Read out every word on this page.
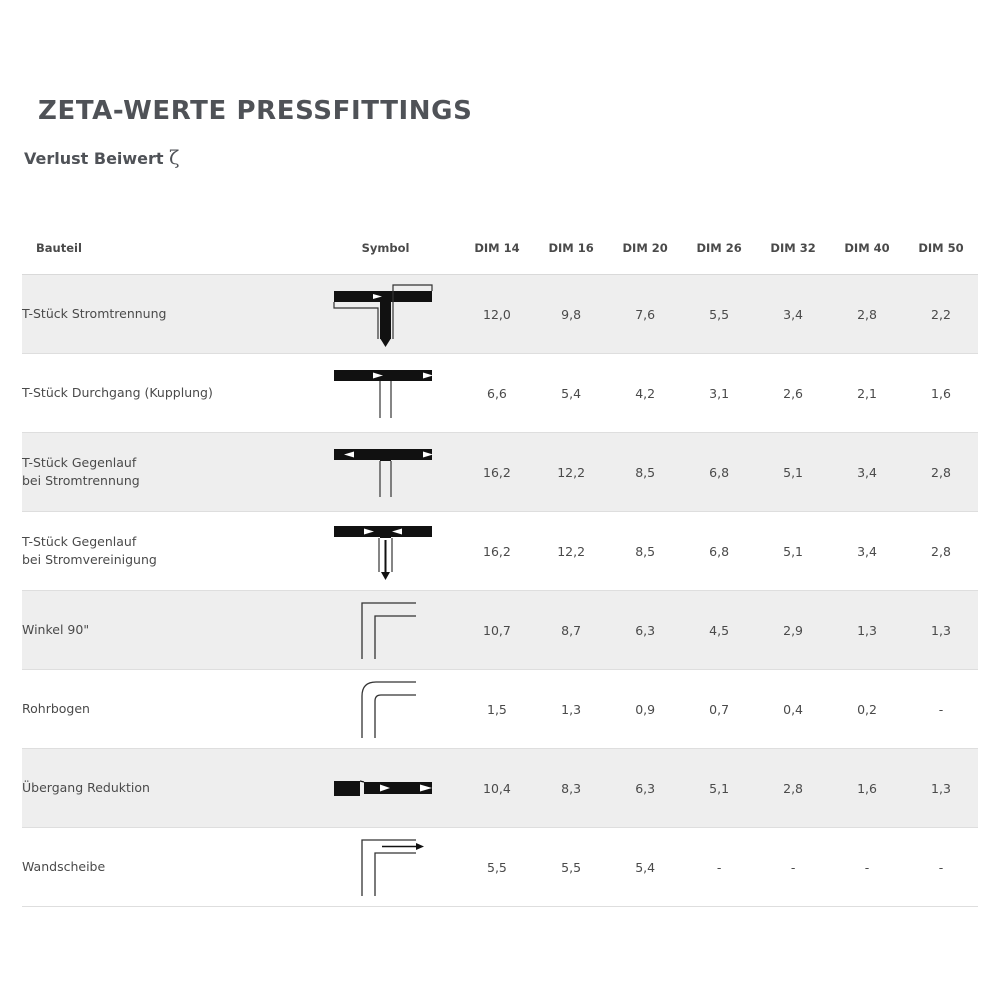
ZETA-WERTE PRESSFITTINGS
Verlust Beiwert ζ
Bauteil	Symbol	DIM 14	DIM 16	DIM 20	DIM 26	DIM 32	DIM 40	DIM 50
T-Stück Stromtrennung		12,0	9,8	7,6	5,5	3,4	2,8	2,2
T-Stück Durchgang (Kupplung)		6,6	5,4	4,2	3,1	2,6	2,1	1,6

T-Stück Gegenlauf
bei Stromtrennung		16,2	12,2	8,5	6,8	5,1	3,4	2,8

T-Stück Gegenlauf
bei Stromvereinigung		16,2	12,2	8,5	6,8	5,1	3,4	2,8
Winkel 90"		10,7	8,7	6,3	4,5	2,9	1,3	1,3
Rohrbogen		1,5	1,3	0,9	0,7	0,4	0,2	-
Übergang Reduktion		10,4	8,3	6,3	5,1	2,8	1,6	1,3
Wandscheibe		5,5	5,5	5,4	-	-	-	-
